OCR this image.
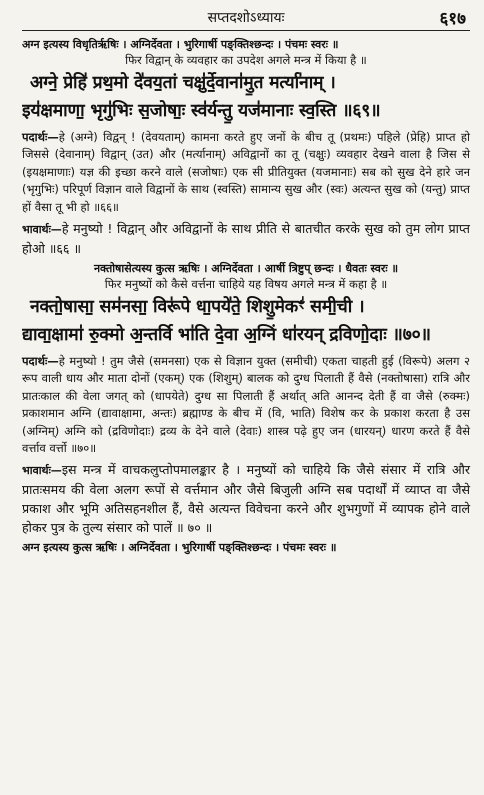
सप्तदशोऽध्यायः	६१७
अग्न इत्यस्य विधृतिर्ऋषिः । अग्निर्देवता । भुरिगार्षी पङ्क्तिश्छन्दः । पंचमः स्वरः ॥
फिर विद्वान् के व्यवहार का उपदेश अगले मन्त्र में किया है ॥
अग्ने॒ प्रेहि॑ प्रथ॒मो दे॑वय॒तां चक्षु॑र्दे॒वाना॑मु॒त मर्त्या॑नाम् ।
इय॑क्षमाणा॒ भृगु॑भिः स॒जोषाः॒ स्व॑र्यन्तु॒ यज॑मानाः स्व॒स्ति ॥६९॥
पदार्थः—हे (अग्ने) विद्वन् ! (देवयताम्) कामना करते हुए जनों के बीच तू (प्रथमः) पहिले (प्रेहि) प्राप्त हो जिससे (देवानाम्) विद्वान् (उत) और (मर्त्यानाम्) अविद्वानों का तू (चक्षुः) व्यवहार देखने वाला है जिस से (इयक्षमाणाः) यज्ञ की इच्छा करने वाले (सजोषाः) एक सी प्रीतियुक्त (यजमानाः) सब को सुख देने हारे जन (भृगुभिः) परिपूर्ण विज्ञान वाले विद्वानों के साथ (स्वस्ति) सामान्य सुख और (स्वः) अत्यन्त सुख को (यन्तु) प्राप्त हों वैसा तू भी हो ॥६६॥
भावार्थः—हे मनुष्यो ! विद्वान् और अविद्वानों के साथ प्रीति से बातचीत करके सुख को तुम लोग प्राप्त होओ ॥६६ ॥
नक्तोषासेत्यस्य कुत्स ऋषिः । अग्निर्देवता । आर्षी त्रिष्टुप् छन्दः । धैवतः स्वरः ॥
फिर मनुष्यों को कैसे वर्त्तना चाहिये यह विषय अगले मन्त्र में कहा है ॥
नक्तो॒षासा॒ सम॑नसा॒ विरू॑पे धा॒पये॑ते॒ शिशु॒मेकꣳ॑ समी॒ची ।
द्यावा॒क्षामा॑ रु॒क्मो अ॒न्तर्वि भा॑ति दे॒वा अ॒ग्निं धा॑रयन् द्रविणो॒दाः ॥७०॥
पदार्थः—हे मनुष्यो ! तुम जैसे (समनसा) एक से विज्ञान युक्त (समीची) एकता चाहती हुई (विरूपे) अलग २ रूप वाली धाय और माता दोनों (एकम्) एक (शिशुम्) बालक को दुग्ध पिलाती हैं वैसे (नक्तोषासा) रात्रि और प्रातःकाल की वेला जगत् को (धापयेते) दुग्ध सा पिलाती हैं अर्थात् अति आनन्द देती हैं वा जैसे (रुक्मः) प्रकाशमान अग्नि (द्यावाक्षामा, अन्तः) ब्रह्माण्ड के बीच में (वि, भाति) विशेष कर के प्रकाश करता है उस (अग्निम्) अग्नि को (द्रविणोदाः) द्रव्य के देने वाले (देवाः) शास्त्र पढ़े हुए जन (धारयन्) धारण करते हैं वैसे वर्त्ताव वर्त्तो ॥७०॥
भावार्थः—इस मन्त्र में वाचकलुप्तोपमालङ्कार है । मनुष्यों को चाहिये कि जैसे संसार में रात्रि और प्रातःसमय की वेला अलग रूपों से वर्त्तमान और जैसे बिजुली अग्नि सब पदार्थों में व्याप्त वा जैसे प्रकाश और भूमि अतिसहनशील हैं, वैसे अत्यन्त विवेचना करने और शुभगुणों में व्यापक होने वाले होकर पुत्र के तुल्य संसार को पालें ॥ ७० ॥
अग्न इत्यस्य कुत्स ऋषिः । अग्निर्देवता । भुरिगार्षी पङ्क्तिश्छन्दः । पंचमः स्वरः ॥
